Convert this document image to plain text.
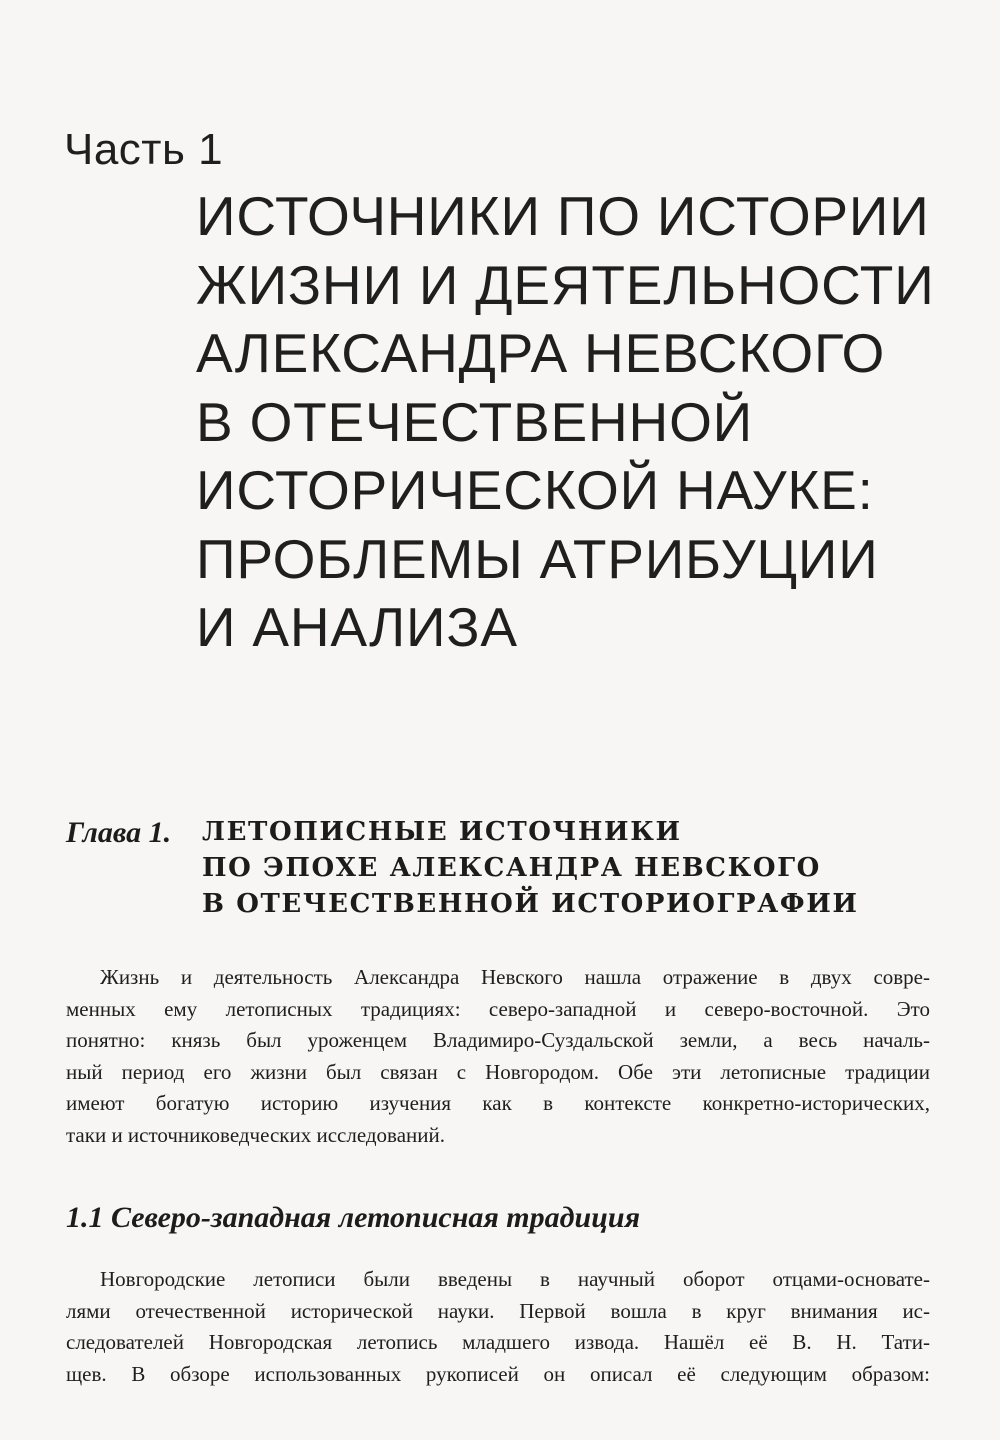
Часть 1
ИСТОЧНИКИ ПО ИСТОРИИ
ЖИЗНИ И ДЕЯТЕЛЬНОСТИ
АЛЕКСАНДРА НЕВСКОГО
В ОТЕЧЕСТВЕННОЙ
ИСТОРИЧЕСКОЙ НАУКЕ:
ПРОБЛЕМЫ АТРИБУЦИИ
И АНАЛИЗА
Глава 1. ЛЕТОПИСНЫЕ ИСТОЧНИКИ
ПО ЭПОХЕ АЛЕКСАНДРА НЕВСКОГО
В ОТЕЧЕСТВЕННОЙ ИСТОРИОГРАФИИ

Жизнь и деятельность Александра Невского нашла отражение в двух совре-
менных ему летописных традициях: северо-западной и северо-восточной. Это
понятно: князь был уроженцем Владимиро-Суздальской земли, а весь началь-
ный период его жизни был связан с Новгородом. Обе эти летописные традиции
имеют богатую историю изучения как в контексте конкретно-исторических,
таки и источниковедческих исследований.

1.1 Северо-западная летописная традиция

Новгородские летописи были введены в научный оборот отцами-основате-
лями отечественной исторической науки. Первой вошла в круг внимания ис-
следователей Новгородская летопись младшего извода. Нашёл её В. Н. Тати-
щев. В обзоре использованных рукописей он описал её следующим образом:
